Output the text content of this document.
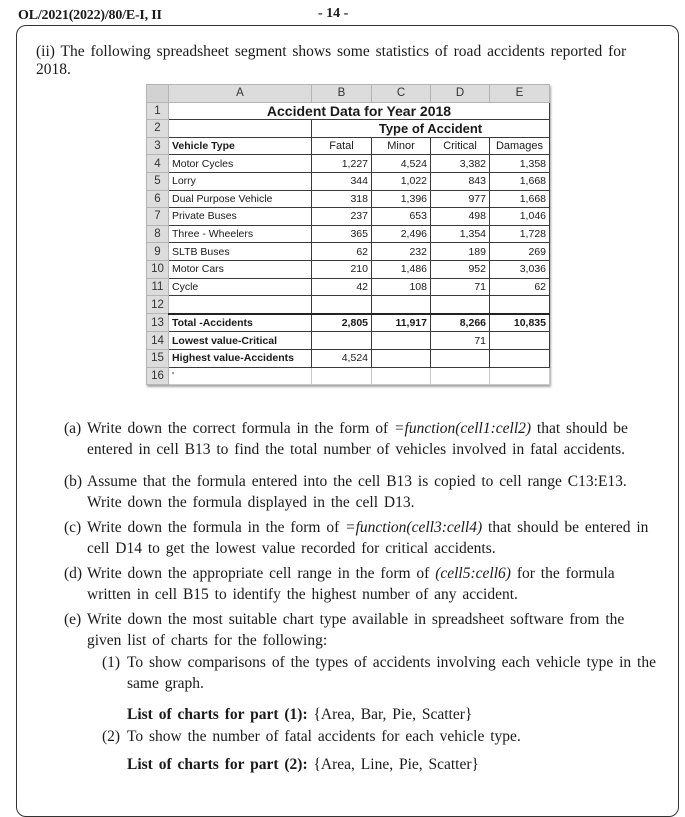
OL/2021(2022)/80/E-I, II	- 14 -
(ii) The following spreadsheet segment shows some statistics of road accidents reported for 2018.
	A	B	C	D	E
1	Accident Data for Year 2018				
2		Type of Accident			
3	Vehicle Type	Fatal	Minor	Critical	Damages
4	Motor Cycles	1,227	4,524	3,382	1,358
5	Lorry	344	1,022	843	1,668
6	Dual Purpose Vehicle	318	1,396	977	1,668
7	Private Buses	237	653	498	1,046
8	Three - Wheelers	365	2,496	1,354	1,728
9	SLTB Buses	62	232	189	269
10	Motor Cars	210	1,486	952	3,036
11	Cycle	42	108	71	62
12					
13	Total -Accidents	2,805	11,917	8,266	10,835
14	Lowest value-Critical			71	
15	Highest value-Accidents	4,524			
16	'				
(a) Write down the correct formula in the form of =function(cell1:cell2) that should be entered in cell B13 to find the total number of vehicles involved in fatal accidents.
(b) Assume that the formula entered into the cell B13 is copied to cell range C13:E13. Write down the formula displayed in the cell D13.
(c) Write down the formula in the form of =function(cell3:cell4) that should be entered in cell D14 to get the lowest value recorded for critical accidents.
(d) Write down the appropriate cell range in the form of (cell5:cell6) for the formula written in cell B15 to identify the highest number of any accident.
(e) Write down the most suitable chart type available in spreadsheet software from the given list of charts for the following:
(1) To show comparisons of the types of accidents involving each vehicle type in the same graph.
List of charts for part (1): {Area, Bar, Pie, Scatter}
(2) To show the number of fatal accidents for each vehicle type.
List of charts for part (2): {Area, Line, Pie, Scatter}
